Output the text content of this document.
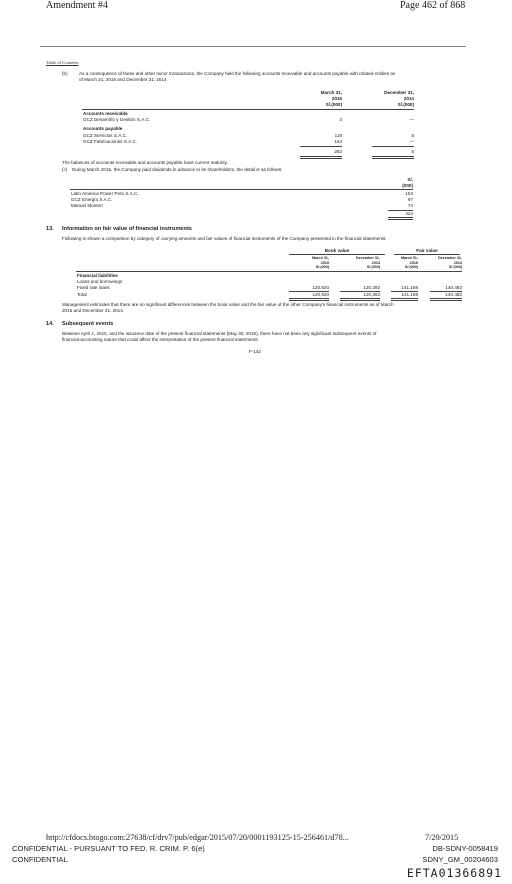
Amendment #4	Page 462 of 868
Table of Contents
(b) As a consequence of these and other minor transactions, the Company held the following accounts receivable and accounts payable with related entities as
of March 31, 2015 and December 31, 2014
March 31,
2015
S/.(000)
December 31,
2014
S/.(000)
Accounts receivable
GCZ Desarrollo y Gestión S.A.C.	3	—
Accounts payable
GCZ Servicios S.A.C.	119	5
GCZ Fabricaciones S.A.C.	163	—
282	5
The balances of accounts receivable and accounts payable have current maturity.
(c) During March 2015, the Company paid dividends in advance to its shareholders, the detail is as follows:
S/.
(000)
Latin America Power Perú S.A.C.	153
GCZ Energía S.A.C.	97
Manuel Montori	74
324
13. Information on fair value of financial instruments
Following is shown a comparison by category of carrying amounts and fair values of financial instruments of the Company presented in the financial statements:
Book value	Fair value
March 31,
2015
S/.(000)
December 31,
2014
S/.(000)
March 31,
2015
S/.(000)
December 31,
2014
S/.(000)
Financial liabilities
Loans and borrowings
Fixed rate loans	120,920	120,392	141,188	140,482
Total	120,920	120,392	141,188	140,482
Management estimates that there are no significant differences between the book value and the fair value of the other Company’s financial instruments as of March
2015 and December 31, 2014.
14. Subsequent events
Between April 1, 2015, and the issuance date of the present financial statements (May 30, 2015), there have not been any significant subsequent events of
financial-accounting nature that could affect the interpretation of the present financial statements.
F-142
http://cfdocs.btogo.com:27638/cf/drv7/pub/edgar/2015/07/20/0001193125-15-256461/d78...	7/20/2015
CONFIDENTIAL - PURSUANT TO FED. R. CRIM. P. 6(e)
CONFIDENTIAL
DB-SDNY-0058419
SDNY_GM_00204603
EFTA01366891
